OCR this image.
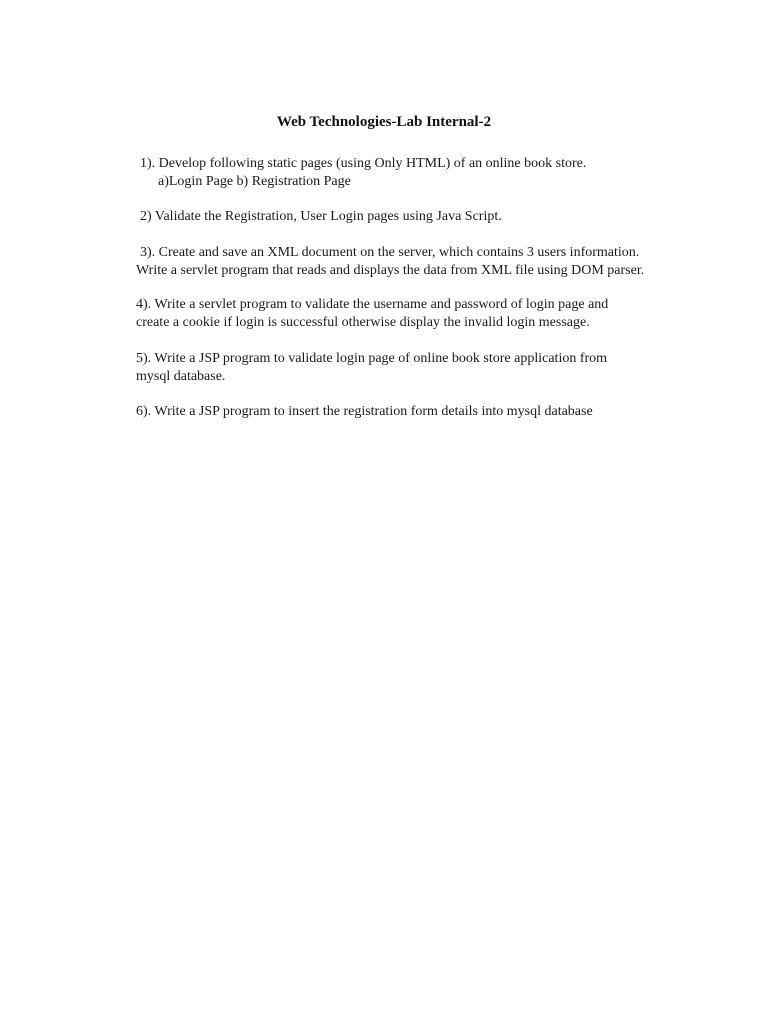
Web Technologies-Lab Internal-2
1). Develop following static pages (using Only HTML) of an online book store.
a)Login Page b) Registration Page
2) Validate the Registration, User Login pages using Java Script.
3). Create and save an XML document on the server, which contains 3 users information.
Write a servlet program that reads and displays the data from XML file using DOM parser.
4). Write a servlet program to validate the username and password of login page and
create a cookie if login is successful otherwise display the invalid login message.
5). Write a JSP program to validate login page of online book store application from
mysql database.
6). Write a JSP program to insert the registration form details into mysql database
